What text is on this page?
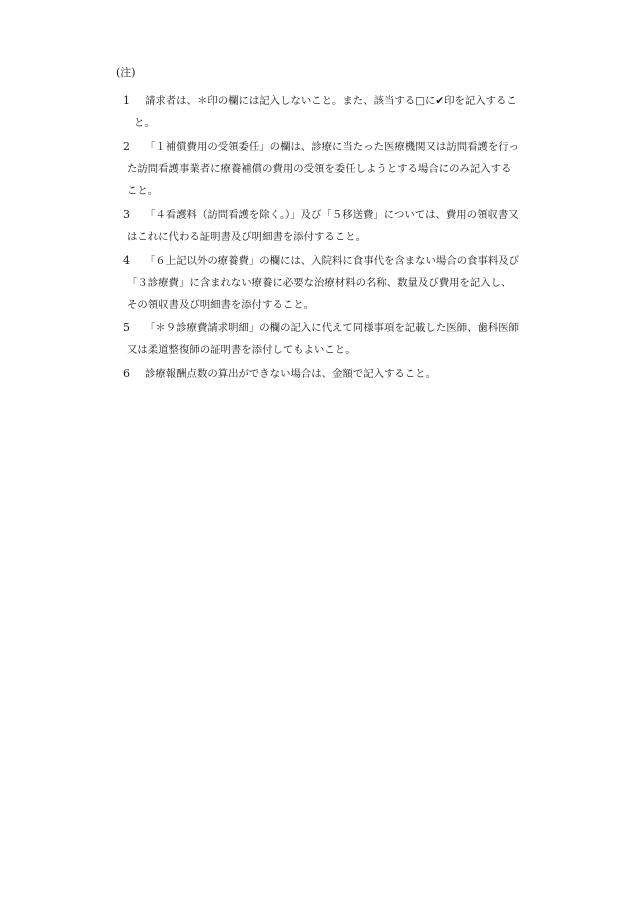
(注)
1 請求者は、＊印の欄には記入しないこと。また、該当する□に✔印を記入するこ
と。
2 「１補償費用の受領委任」の欄は、診療に当たった医療機関又は訪問看護を行っ
た訪問看護事業者に療養補償の費用の受領を委任しようとする場合にのみ記入する
こと。
3 「４看護料（訪問看護を除く。）」及び「５移送費」については、費用の領収書又
はこれに代わる証明書及び明細書を添付すること。
4 「６上記以外の療養費」の欄には、入院料に食事代を含まない場合の食事料及び
「３診療費」に含まれない療養に必要な治療材料の名称、数量及び費用を記入し、
その領収書及び明細書を添付すること。
5 「＊９診療費請求明細」の欄の記入に代えて同様事項を記載した医師、歯科医師
又は柔道整復師の証明書を添付してもよいこと。
6 診療報酬点数の算出ができない場合は、金額で記入すること。
